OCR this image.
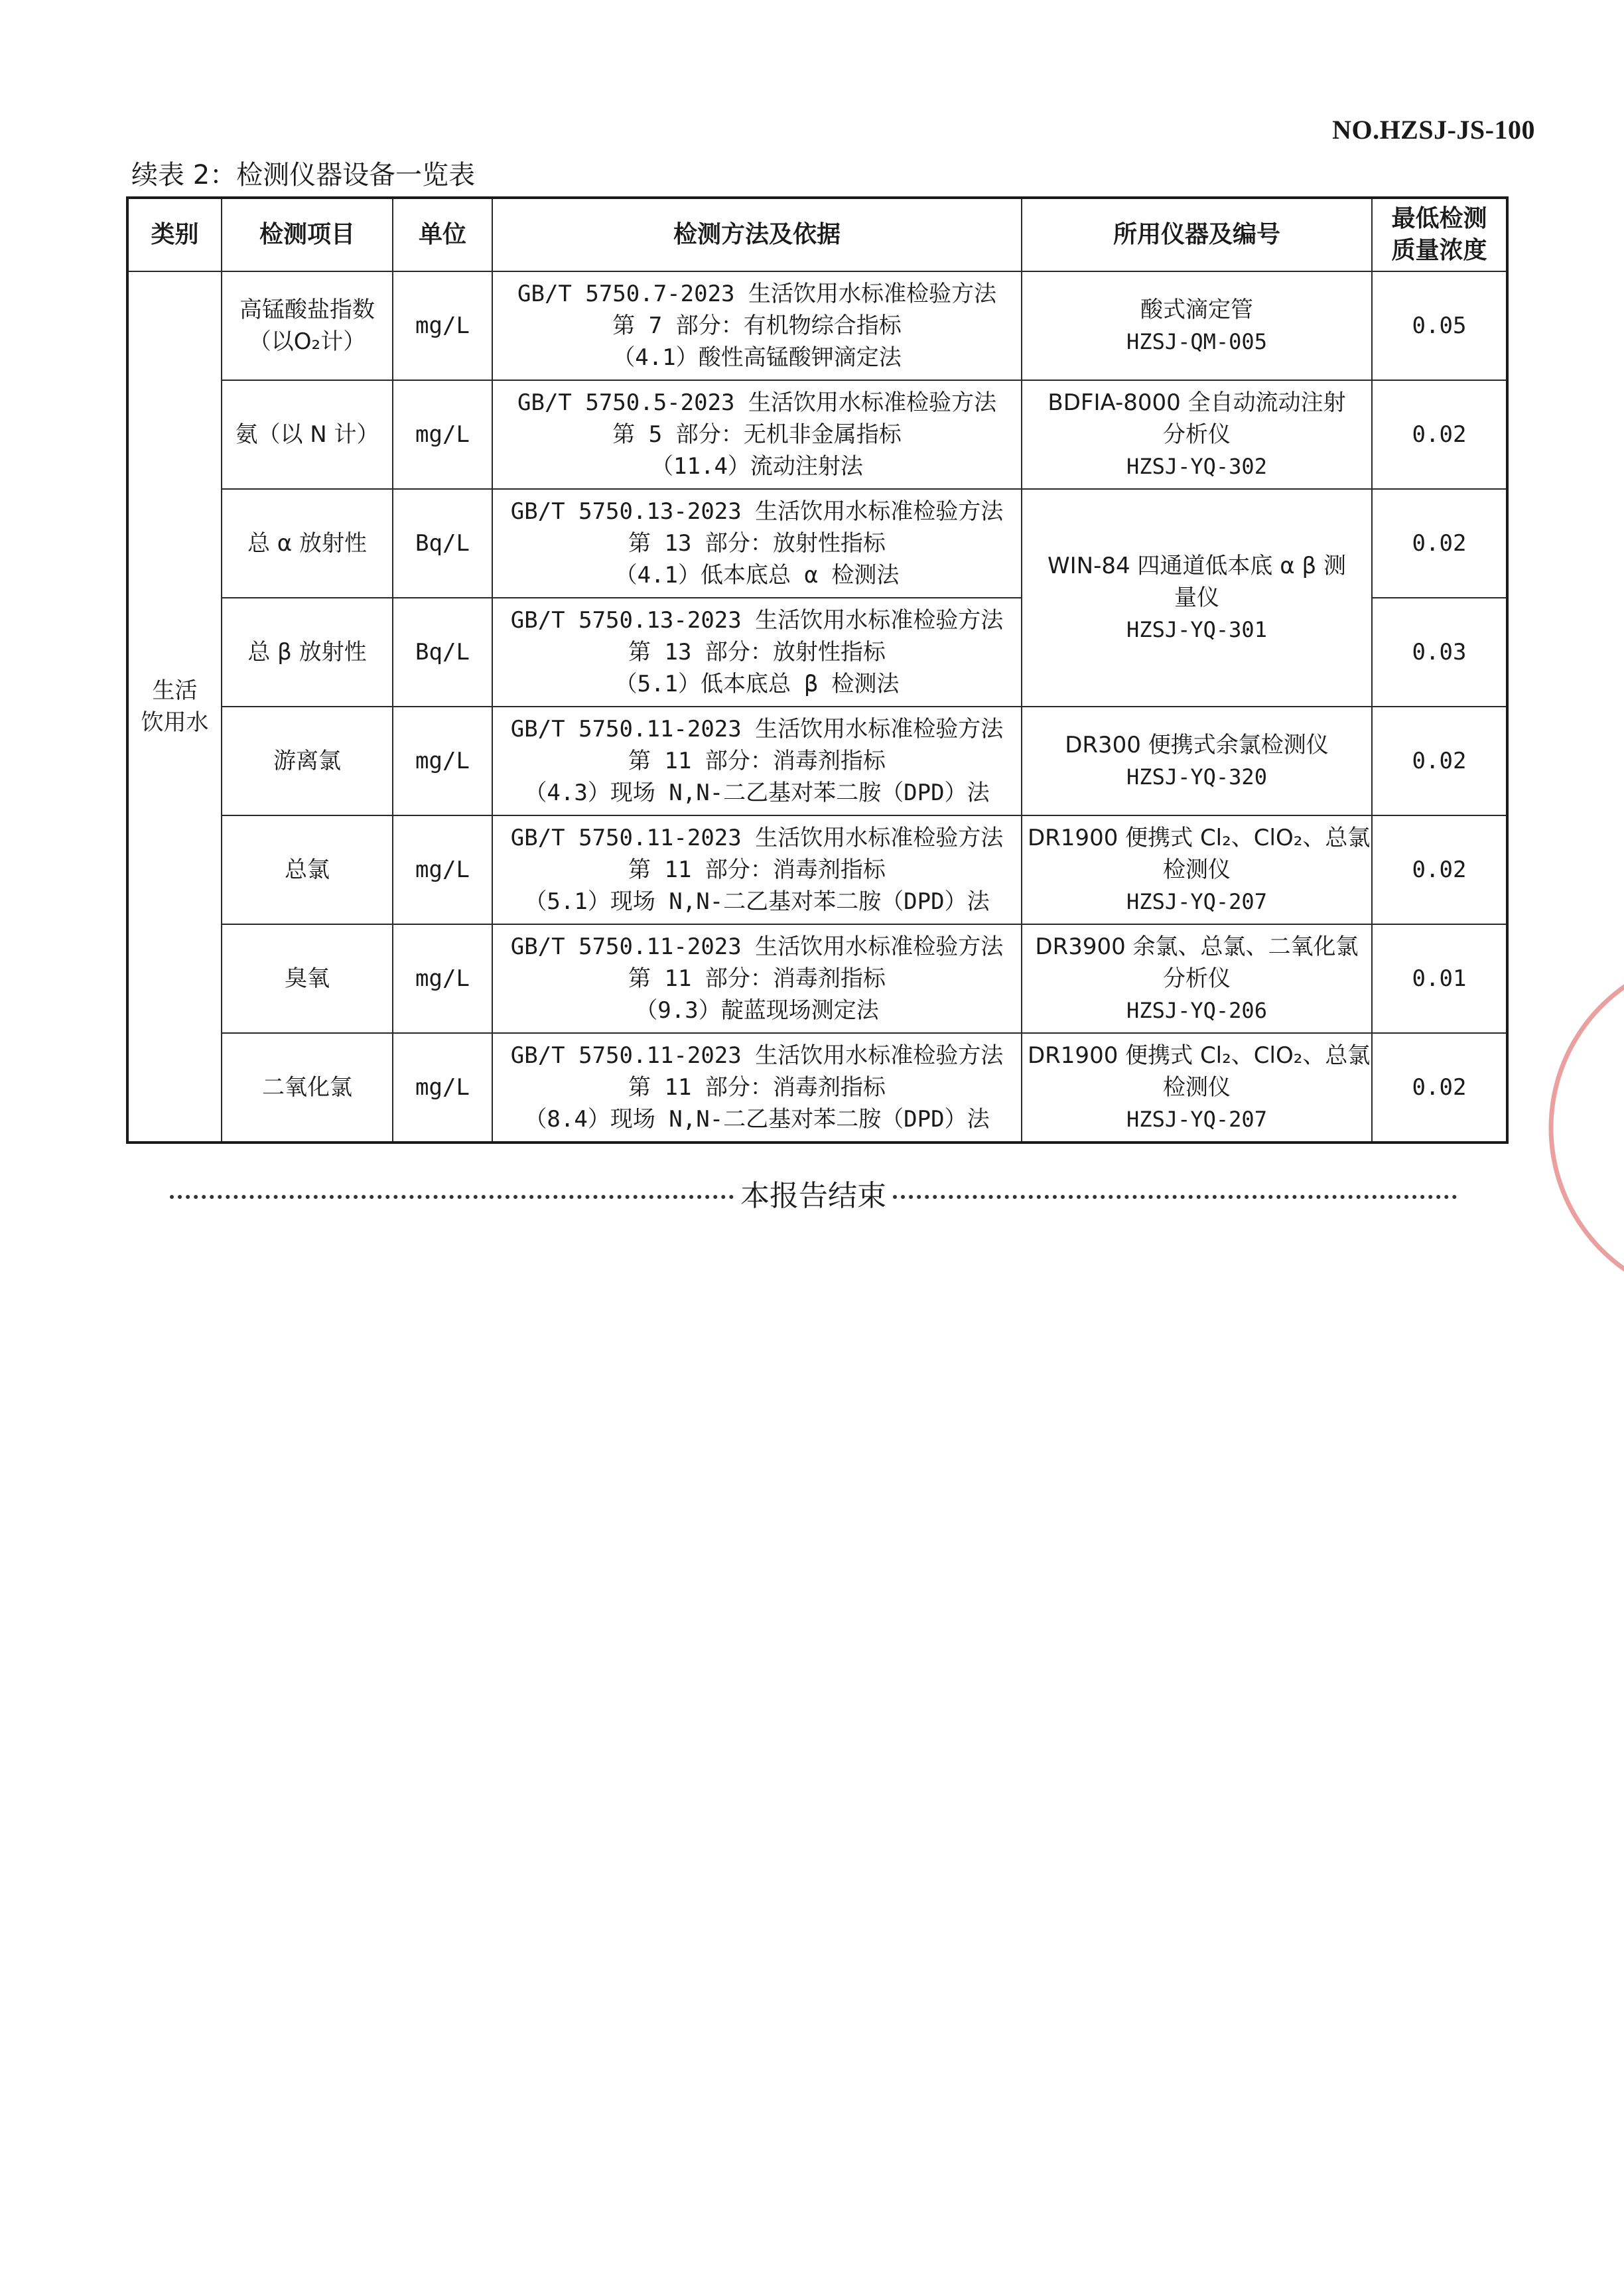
NO.HZSJ-JS-100
续表 2：检测仪器设备一览表
类别	检测项目	单位	检测方法及依据	所用仪器及编号	最低检测
质量浓度

生活
饮用水	高锰酸盐指数
（以O₂计）	mg/L	GB/T 5750.7-2023 生活饮用水标准检验方法
第 7 部分：有机物综合指标
（4.1）酸性高锰酸钾滴定法	酸式滴定管
HZSJ-QM-005	0.05

	氨（以 N 计）	mg/L	GB/T 5750.5-2023 生活饮用水标准检验方法
第 5 部分：无机非金属指标
（11.4）流动注射法	BDFIA-8000 全自动流动注射
分析仪
HZSJ-YQ-302	0.02

	总 α 放射性	Bq/L	GB/T 5750.13-2023 生活饮用水标准检验方法
第 13 部分：放射性指标
（4.1）低本底总 α 检测法	WIN-84 四通道低本底 α β 测
量仪
HZSJ-YQ-301	0.02

	总 β 放射性	Bq/L	GB/T 5750.13-2023 生活饮用水标准检验方法
第 13 部分：放射性指标
（5.1）低本底总 β 检测法		0.03

	游离氯	mg/L	GB/T 5750.11-2023 生活饮用水标准检验方法
第 11 部分：消毒剂指标
（4.3）现场 N,N-二乙基对苯二胺（DPD）法	DR300 便携式余氯检测仪
HZSJ-YQ-320	0.02

	总氯	mg/L	GB/T 5750.11-2023 生活饮用水标准检验方法
第 11 部分：消毒剂指标
（5.1）现场 N,N-二乙基对苯二胺（DPD）法	DR1900 便携式 Cl₂、ClO₂、总氯
检测仪
HZSJ-YQ-207	0.02

	臭氧	mg/L	GB/T 5750.11-2023 生活饮用水标准检验方法
第 11 部分：消毒剂指标
（9.3）靛蓝现场测定法	DR3900 余氯、总氯、二氧化氯
分析仪
HZSJ-YQ-206	0.01

	二氧化氯	mg/L	GB/T 5750.11-2023 生活饮用水标准检验方法
第 11 部分：消毒剂指标
（8.4）现场 N,N-二乙基对苯二胺（DPD）法	DR1900 便携式 Cl₂、ClO₂、总氯
检测仪
HZSJ-YQ-207	0.02
本报告结束
